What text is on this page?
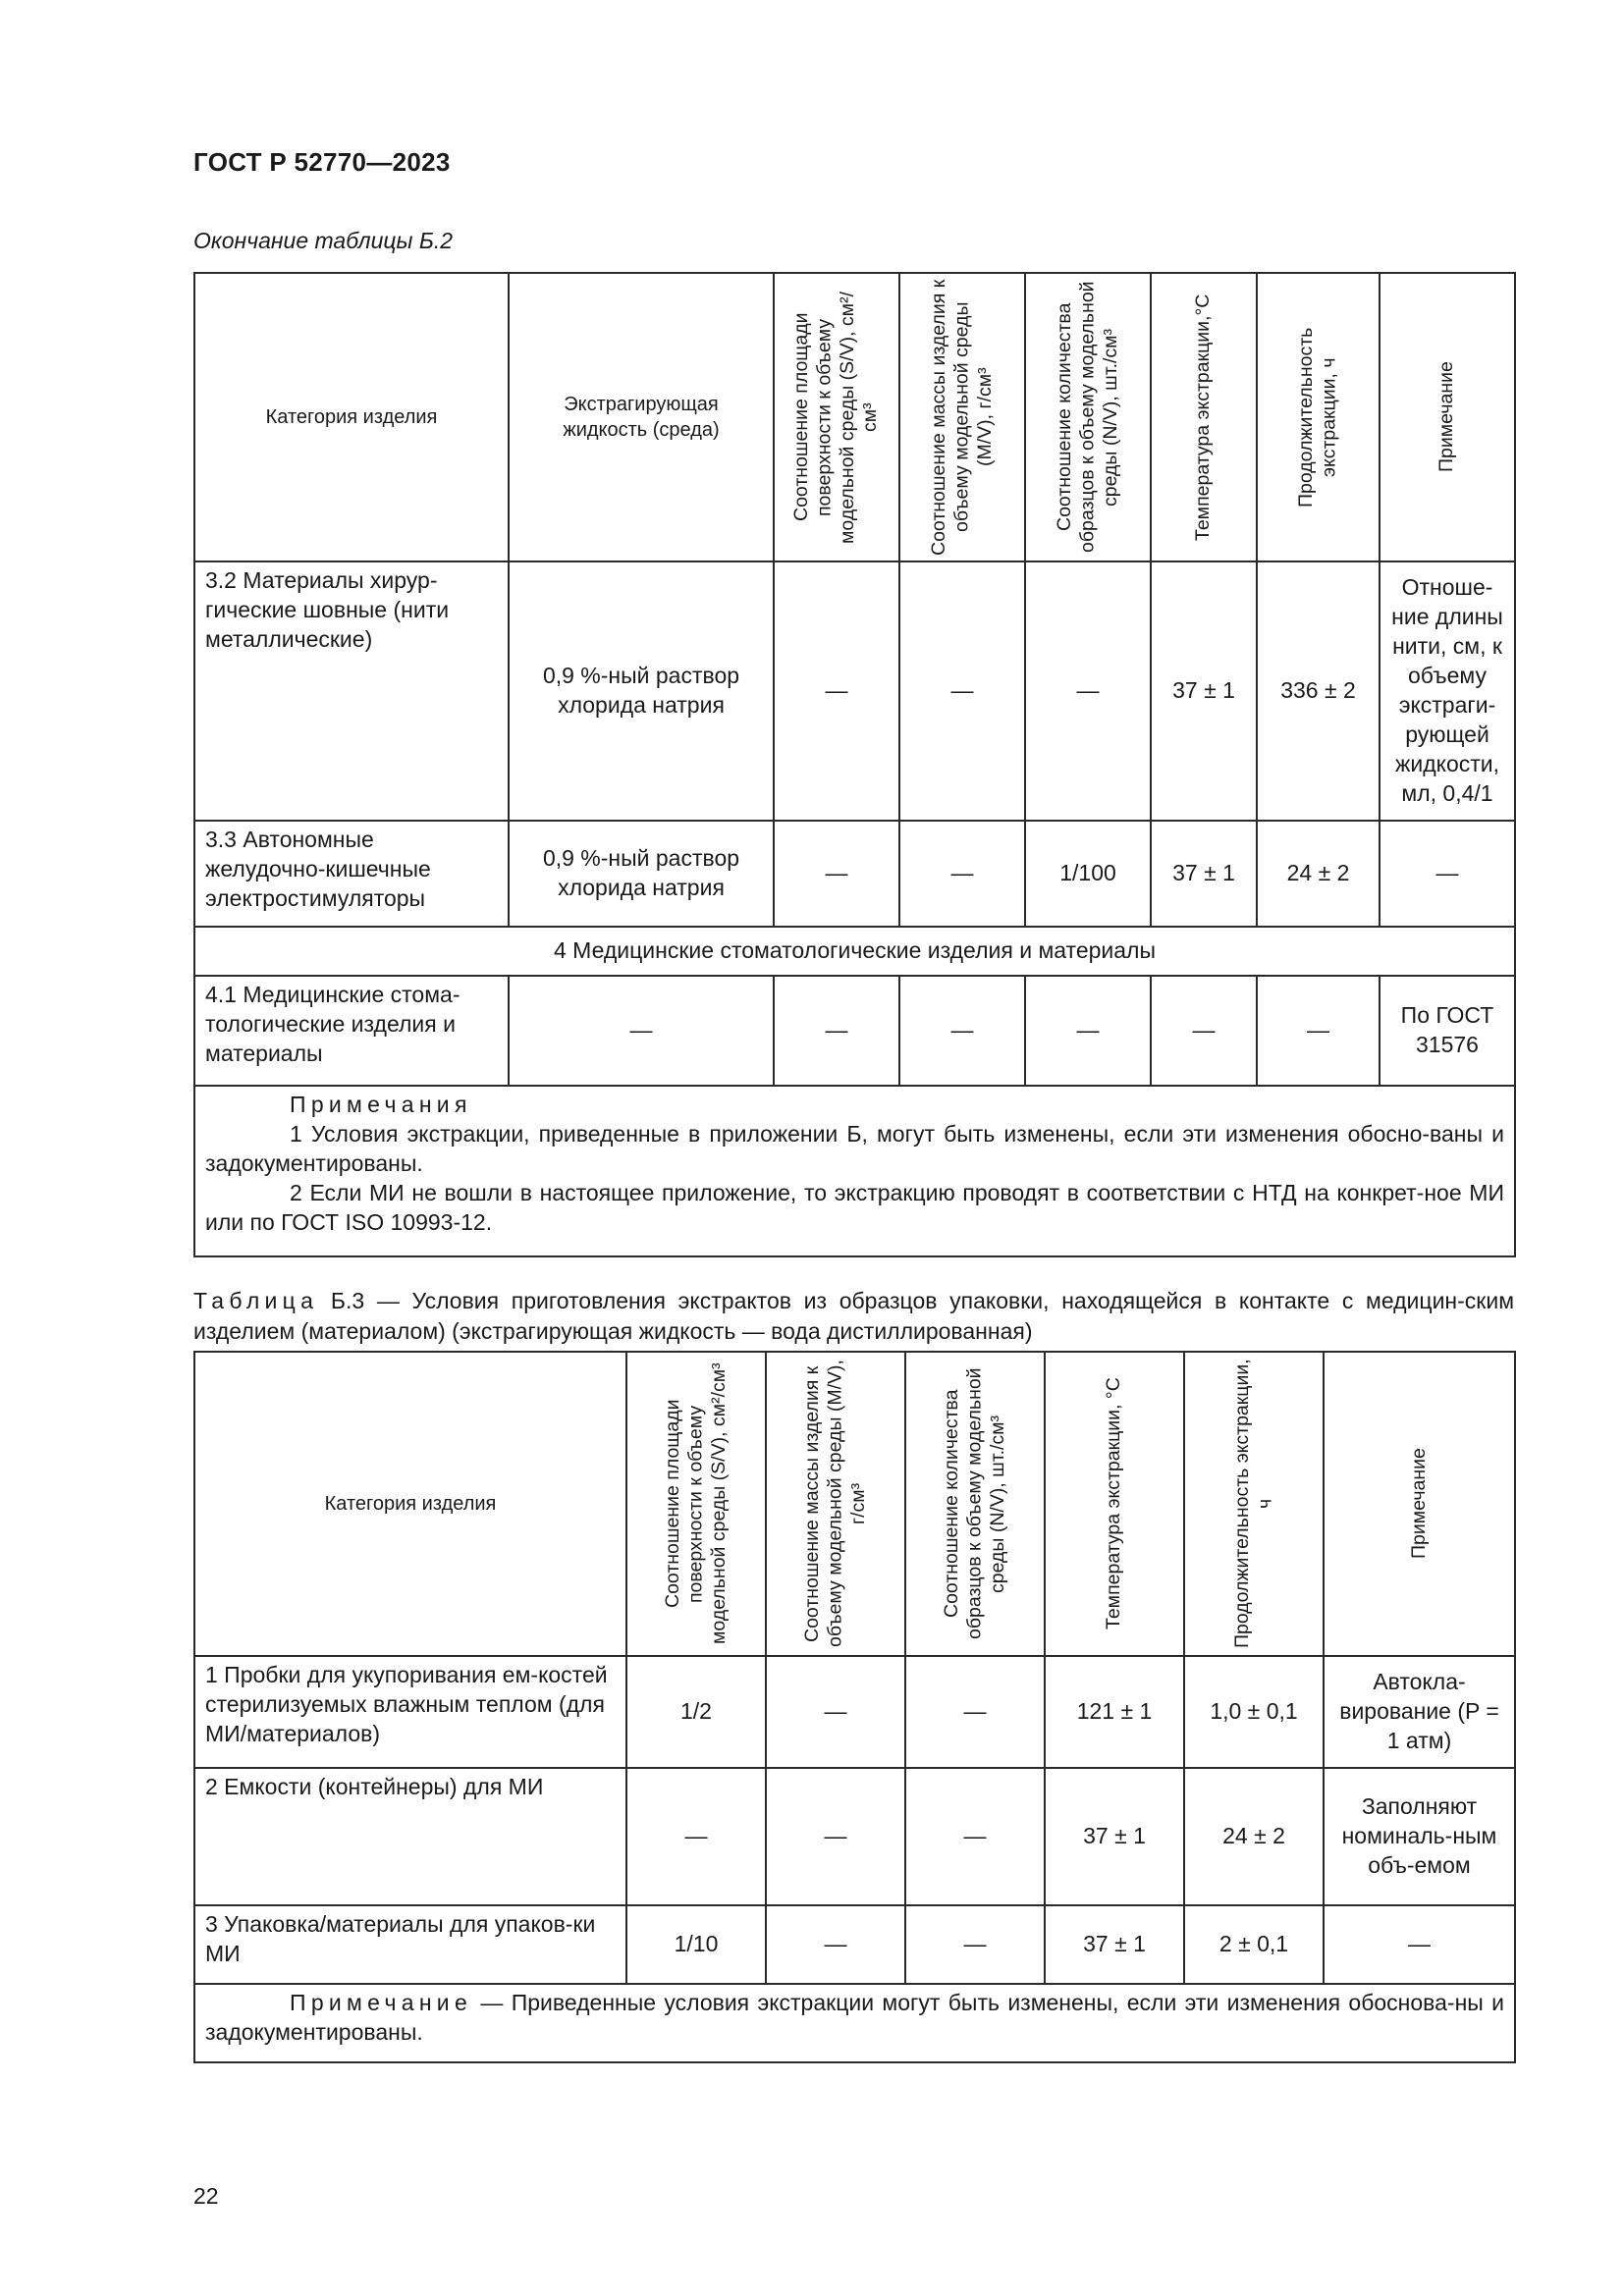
ГОСТ Р 52770—2023
Окончание таблицы Б.2
Категория изделия	Экстрагирующая жидкость (среда)	Соотношение площади поверхности к объему модельной среды (S/V), см²/см³	Соотношение массы изделия к объему модельной среды (M/V), г/см³	Соотношение количества образцов к объему модельной среды (N/V), шт./см³	Температура экстракции,°С	Продолжительность экстракции, ч	Примечание

3.2 Материалы хирур-гические шовные (нити металлические)	0,9 %-ный раствор хлорида натрия	—	—	—	37 ± 1	336 ± 2	Отноше-ние длины нити, см, к объему экстраги-рующей жидкости, мл, 0,4/1
3.3 Автономные желудочно-кишечные электростимуляторы	0,9 %-ный раствор хлорида натрия	—	—	1/100	37 ± 1	24 ± 2	—
4 Медицинские стоматологические изделия и материалы							
4.1 Медицинские стома-тологические изделия и материалы	—	—	—	—	—	—	По ГОСТ 31576

Примечания
1 Условия экстракции, приведенные в приложении Б, могут быть изменены, если эти изменения обосно-ваны и задокументированы.
2 Если МИ не вошли в настоящее приложение, то экстракцию проводят в соответствии с НТД на конкрет-ное МИ или по ГОСТ ISO 10993-12.							
Таблица Б.3 — Условия приготовления экстрактов из образцов упаковки, находящейся в контакте с медицин-ским изделием (материалом) (экстрагирующая жидкость — вода дистиллированная)
Категория изделия	Соотношение площади поверхности к объему модельной среды (S/V), см²/см³	Соотношение массы изделия к объему модельной среды (M/V), г/см³	Соотношение количества образцов к объему модельной среды (N/V), шт./см³	Температура экстракции, °С	Продолжительность экстракции, ч	Примечание

1 Пробки для укупоривания ем-костей стерилизуемых влажным теплом (для МИ/материалов)	1/2	—	—	121 ± 1	1,0 ± 0,1	Автокла-вирование (P = 1 атм)
2 Емкости (контейнеры) для МИ	—	—	—	37 ± 1	24 ± 2	Заполняют номиналь-ным объ-емом
3 Упаковка/материалы для упаков-ки МИ	1/10	—	—	37 ± 1	2 ± 0,1	—

Примечание — Приведенные условия экстракции могут быть изменены, если эти изменения обоснова-ны и задокументированы.						
22
